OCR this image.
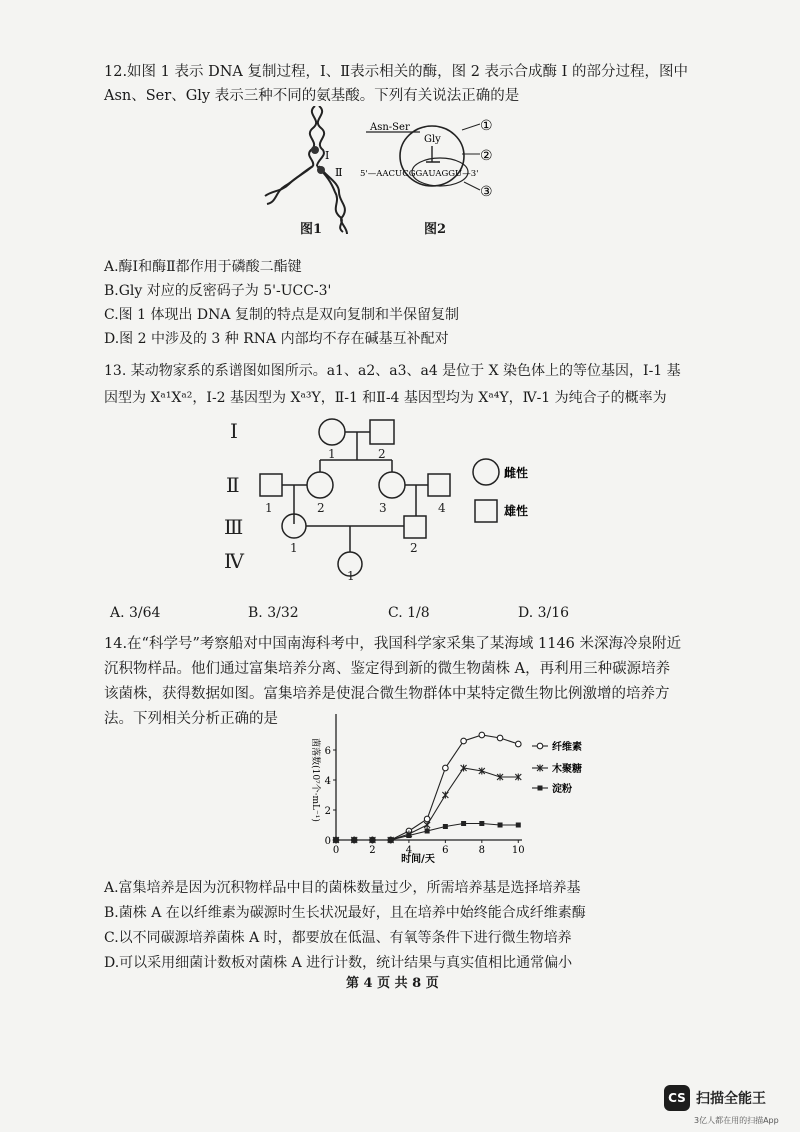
12.如图 1 表示 DNA 复制过程，Ⅰ、Ⅱ表示相关的酶，图 2 表示合成酶 Ⅰ 的部分过程，图中
Asn、Ser、Gly 表示三种不同的氨基酸。下列有关说法正确的是
Ⅰ
Ⅱ
图1
Asn-Ser
Gly
5'—AACUCGGAUAGGU—3'
①
②
③
图2
A.酶Ⅰ和酶Ⅱ都作用于磷酸二酯键
B.Gly 对应的反密码子为 5'-UCC-3'
C.图 1 体现出 DNA 复制的特点是双向复制和半保留复制
D.图 2 中涉及的 3 种 RNA 内部均不存在碱基互补配对
13. 某动物家系的系谱图如图所示。a1、a2、a3、a4 是位于 X 染色体上的等位基因，Ⅰ-1 基
因型为 Xᵃ¹Xᵃ²，Ⅰ-2 基因型为 Xᵃ³Y，Ⅱ-1 和Ⅱ-4 基因型均为 Xᵃ⁴Y，Ⅳ-1 为纯合子的概率为
Ⅰ
Ⅱ
Ⅲ
Ⅳ
1	2
1	2	3	4
1	2
1
雌性
雄性
A. 3/64	B. 3/32	C. 1/8	D. 3/16
14.在“科学号”考察船对中国南海科考中，我国科学家采集了某海域 1146 米深海冷泉附近
沉积物样品。他们通过富集培养分离、鉴定得到新的微生物菌株 A，再利用三种碳源培养
该菌株，获得数据如图。富集培养是使混合微生物群体中某特定微生物比例激增的培养方
法。下列相关分析正确的是
0	2	4	6	8	10
0
2
4
6	纤维素
木聚糖
淀粉
菌落数(10⁷个·mL⁻¹)
时间/天
A.富集培养是因为沉积物样品中目的菌株数量过少，所需培养基是选择培养基
B.菌株 A 在以纤维素为碳源时生长状况最好，且在培养中始终能合成纤维素酶
C.以不同碳源培养菌株 A 时，都要放在低温、有氧等条件下进行微生物培养
D.可以采用细菌计数板对菌株 A 进行计数，统计结果与真实值相比通常偏小
第 4 页 共 8 页
CS 扫描全能王
3亿人都在用的扫描App
